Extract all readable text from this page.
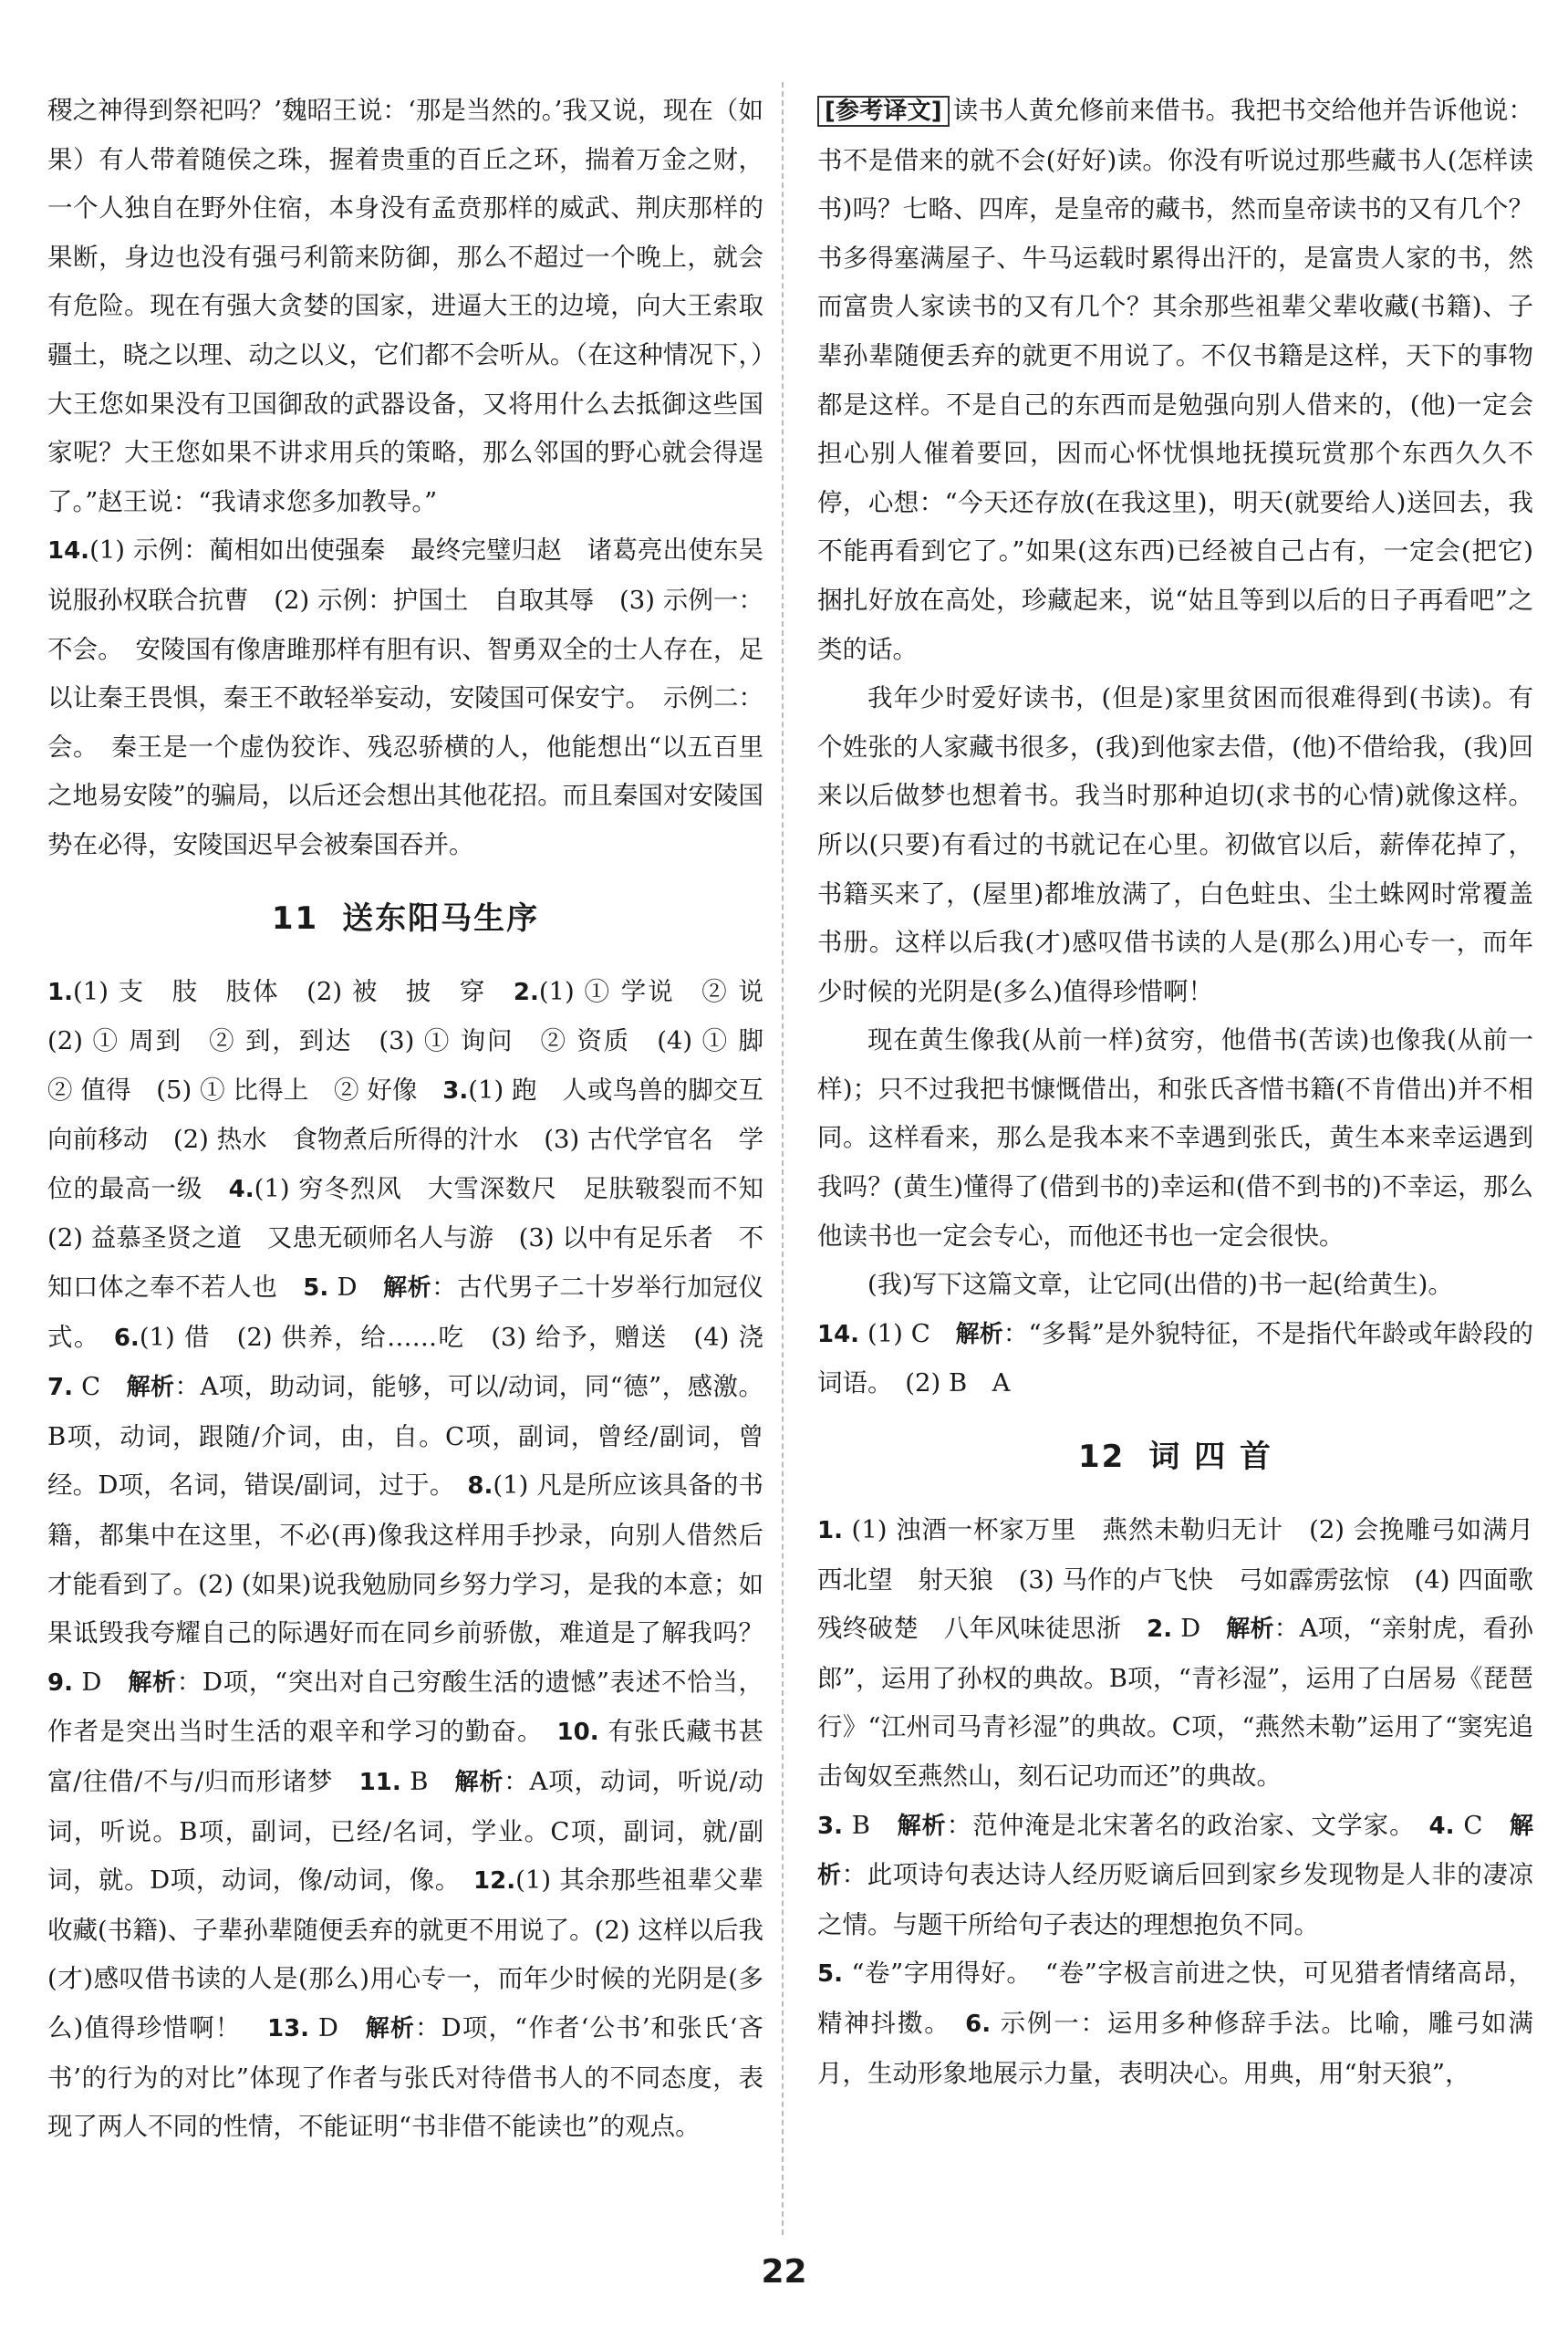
稷之神得到祭祀吗？’魏昭王说：‘那是当然的。’我又说，现在（如果）有人带着随侯之珠，握着贵重的百丘之环，揣着万金之财，一个人独自在野外住宿，本身没有孟贲那样的威武、荆庆那样的果断，身边也没有强弓利箭来防御，那么不超过一个晚上，就会有危险。现在有强大贪婪的国家，进逼大王的边境，向大王索取疆土，晓之以理、动之以义，它们都不会听从。（在这种情况下，）大王您如果没有卫国御敌的武器设备，又将用什么去抵御这些国家呢？大王您如果不讲求用兵的策略，那么邻国的野心就会得逞了。”赵王说：“我请求您多加教导。”

14.(1) 示例：蔺相如出使强秦　最终完璧归赵　诸葛亮出使东吴　说服孙权联合抗曹　(2) 示例：护国土　自取其辱　(3) 示例一：不会。　安陵国有像唐雎那样有胆有识、智勇双全的士人存在，足以让秦王畏惧，秦王不敢轻举妄动，安陵国可保安宁。　示例二：会。　秦王是一个虚伪狡诈、残忍骄横的人，他能想出“以五百里之地易安陵”的骗局，以后还会想出其他花招。而且秦国对安陵国势在必得，安陵国迟早会被秦国吞并。

11 送东阳马生序

1.(1) 支　肢　肢体　(2) 被　披　穿　2.(1) ① 学说　② 说　(2) ① 周到　② 到，到达　(3) ① 询问　② 资质　(4) ① 脚　② 值得　(5) ① 比得上　② 好像　3.(1) 跑　人或鸟兽的脚交互向前移动　(2) 热水　食物煮后所得的汁水　(3) 古代学官名　学位的最高一级　4.(1) 穷冬烈风　大雪深数尺　足肤皲裂而不知　(2) 益慕圣贤之道　又患无硕师名人与游　(3) 以中有足乐者　不知口体之奉不若人也　5. D　解析：古代男子二十岁举行加冠仪式。　6.(1) 借　(2) 供养，给……吃　(3) 给予，赠送　(4) 浇　7. C　解析：A项，助动词，能够，可以/动词，同“德”，感激。B项，动词，跟随/介词，由，自。C项，副词，曾经/副词，曾经。D项，名词，错误/副词，过于。　8.(1) 凡是所应该具备的书籍，都集中在这里，不必(再)像我这样用手抄录，向别人借然后才能看到了。(2) (如果)说我勉励同乡努力学习，是我的本意；如果诋毁我夸耀自己的际遇好而在同乡前骄傲，难道是了解我吗？　9. D　解析：D项，“突出对自己穷酸生活的遗憾”表述不恰当，作者是突出当时生活的艰辛和学习的勤奋。　10. 有张氏藏书甚富/往借/不与/归而形诸梦　11. B　解析：A项，动词，听说/动词，听说。B项，副词，已经/名词，学业。C项，副词，就/副词，就。D项，动词，像/动词，像。　12.(1) 其余那些祖辈父辈收藏(书籍)、子辈孙辈随便丢弃的就更不用说了。(2) 这样以后我(才)感叹借书读的人是(那么)用心专一，而年少时候的光阴是(多么)值得珍惜啊！　13. D　解析：D项，“作者‘公书’和张氏‘吝书’的行为的对比”体现了作者与张氏对待借书人的不同态度，表现了两人不同的性情，不能证明“书非借不能读也”的观点。

[参考译文] 读书人黄允修前来借书。我把书交给他并告诉他说：书不是借来的就不会(好好)读。你没有听说过那些藏书人(怎样读书)吗？七略、四库，是皇帝的藏书，然而皇帝读书的又有几个？书多得塞满屋子、牛马运载时累得出汗的，是富贵人家的书，然而富贵人家读书的又有几个？其余那些祖辈父辈收藏(书籍)、子辈孙辈随便丢弃的就更不用说了。不仅书籍是这样，天下的事物都是这样。不是自己的东西而是勉强向别人借来的，(他)一定会担心别人催着要回，因而心怀忧惧地抚摸玩赏那个东西久久不停，心想：“今天还存放(在我这里)，明天(就要给人)送回去，我不能再看到它了。”如果(这东西)已经被自己占有，一定会(把它)捆扎好放在高处，珍藏起来，说“姑且等到以后的日子再看吧”之类的话。

我年少时爱好读书，(但是)家里贫困而很难得到(书读)。有个姓张的人家藏书很多，(我)到他家去借，(他)不借给我，(我)回来以后做梦也想着书。我当时那种迫切(求书的心情)就像这样。所以(只要)有看过的书就记在心里。初做官以后，薪俸花掉了，书籍买来了，(屋里)都堆放满了，白色蛀虫、尘土蛛网时常覆盖书册。这样以后我(才)感叹借书读的人是(那么)用心专一，而年少时候的光阴是(多么)值得珍惜啊！

现在黄生像我(从前一样)贫穷，他借书(苦读)也像我(从前一样)；只不过我把书慷慨借出，和张氏吝惜书籍(不肯借出)并不相同。这样看来，那么是我本来不幸遇到张氏，黄生本来幸运遇到我吗？(黄生)懂得了(借到书的)幸运和(借不到书的)不幸运，那么他读书也一定会专心，而他还书也一定会很快。

(我)写下这篇文章，让它同(出借的)书一起(给黄生)。

14. (1) C　解析：“多髯”是外貌特征，不是指代年龄或年龄段的词语。　(2) B　A

12 词 四 首

1. (1) 浊酒一杯家万里　燕然未勒归无计　(2) 会挽雕弓如满月　西北望　射天狼　(3) 马作的卢飞快　弓如霹雳弦惊　(4) 四面歌残终破楚　八年风味徒思浙　2. D　解析：A项，“亲射虎，看孙郎”，运用了孙权的典故。B项，“青衫湿”，运用了白居易《琵琶行》“江州司马青衫湿”的典故。C项，“燕然未勒”运用了“窦宪追击匈奴至燕然山，刻石记功而还”的典故。

3. B　解析：范仲淹是北宋著名的政治家、文学家。　4. C　解析：此项诗句表达诗人经历贬谪后回到家乡发现物是人非的凄凉之情。与题干所给句子表达的理想抱负不同。

5. “卷”字用得好。　“卷”字极言前进之快，可见猎者情绪高昂，精神抖擞。　6. 示例一：运用多种修辞手法。比喻，雕弓如满月，生动形象地展示力量，表明决心。用典，用“射天狼”，

22
